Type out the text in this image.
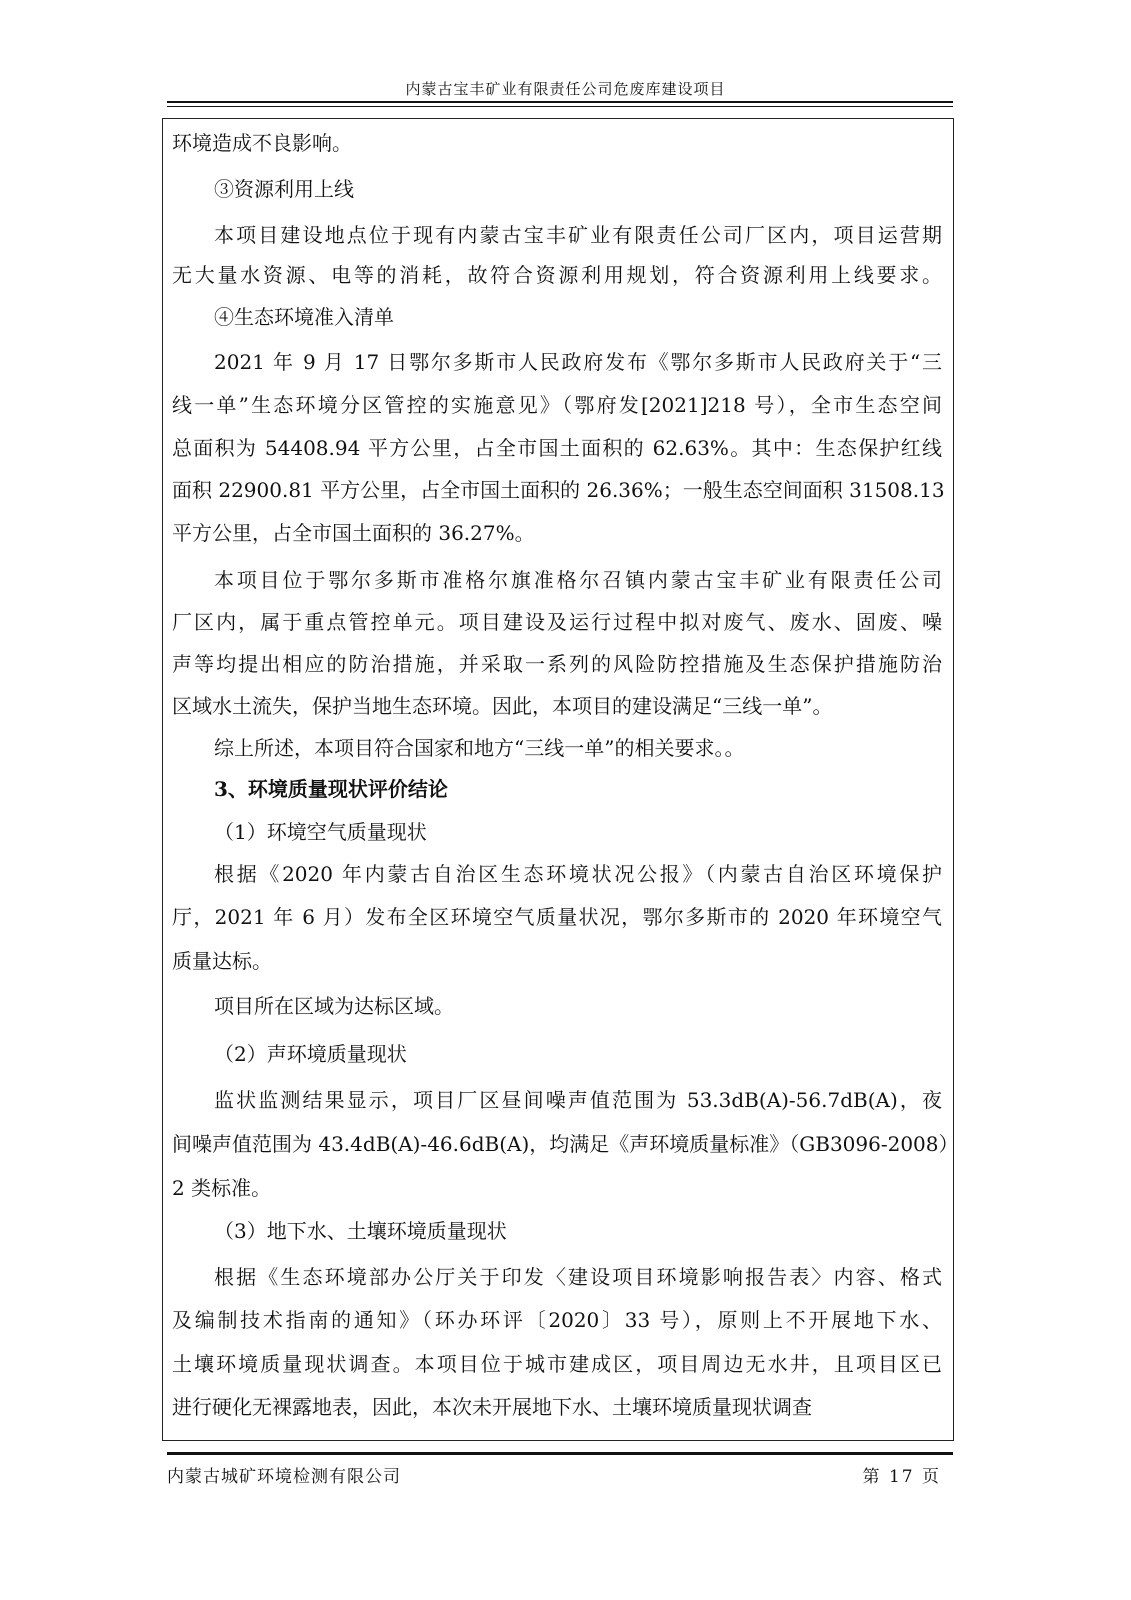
内蒙古宝丰矿业有限责任公司危废库建设项目
环境造成不良影响。
③资源利用上线
本项目建设地点位于现有内蒙古宝丰矿业有限责任公司厂区内，项目运营期
无大量水资源、电等的消耗，故符合资源利用规划，符合资源利用上线要求。
④生态环境准入清单
2021 年 9 月 17 日鄂尔多斯市人民政府发布《鄂尔多斯市人民政府关于“三
线一单”生态环境分区管控的实施意见》（鄂府发[2021]218 号），全市生态空间
总面积为 54408.94 平方公里，占全市国土面积的 62.63%。其中：生态保护红线
面积 22900.81 平方公里，占全市国土面积的 26.36%；一般生态空间面积 31508.13
平方公里，占全市国土面积的 36.27%。
本项目位于鄂尔多斯市准格尔旗准格尔召镇内蒙古宝丰矿业有限责任公司
厂区内，属于重点管控单元。项目建设及运行过程中拟对废气、废水、固废、噪
声等均提出相应的防治措施，并采取一系列的风险防控措施及生态保护措施防治
区域水土流失，保护当地生态环境。因此，本项目的建设满足“三线一单”。
综上所述，本项目符合国家和地方“三线一单”的相关要求。。
3、环境质量现状评价结论
（1）环境空气质量现状
根据《2020 年内蒙古自治区生态环境状况公报》（内蒙古自治区环境保护
厅，2021 年 6 月）发布全区环境空气质量状况，鄂尔多斯市的 2020 年环境空气
质量达标。
项目所在区域为达标区域。
（2）声环境质量现状
监状监测结果显示，项目厂区昼间噪声值范围为 53.3dB(A)-56.7dB(A)，夜
间噪声值范围为 43.4dB(A)-46.6dB(A)，均满足《声环境质量标准》（GB3096-2008）
2 类标准。
（3）地下水、土壤环境质量现状
根据《生态环境部办公厅关于印发〈建设项目环境影响报告表〉内容、格式
及编制技术指南的通知》（环办环评〔2020〕33 号），原则上不开展地下水、
土壤环境质量现状调查。本项目位于城市建成区，项目周边无水井，且项目区已
进行硬化无裸露地表，因此，本次未开展地下水、土壤环境质量现状调查
内蒙古城矿环境检测有限公司	第 17 页
